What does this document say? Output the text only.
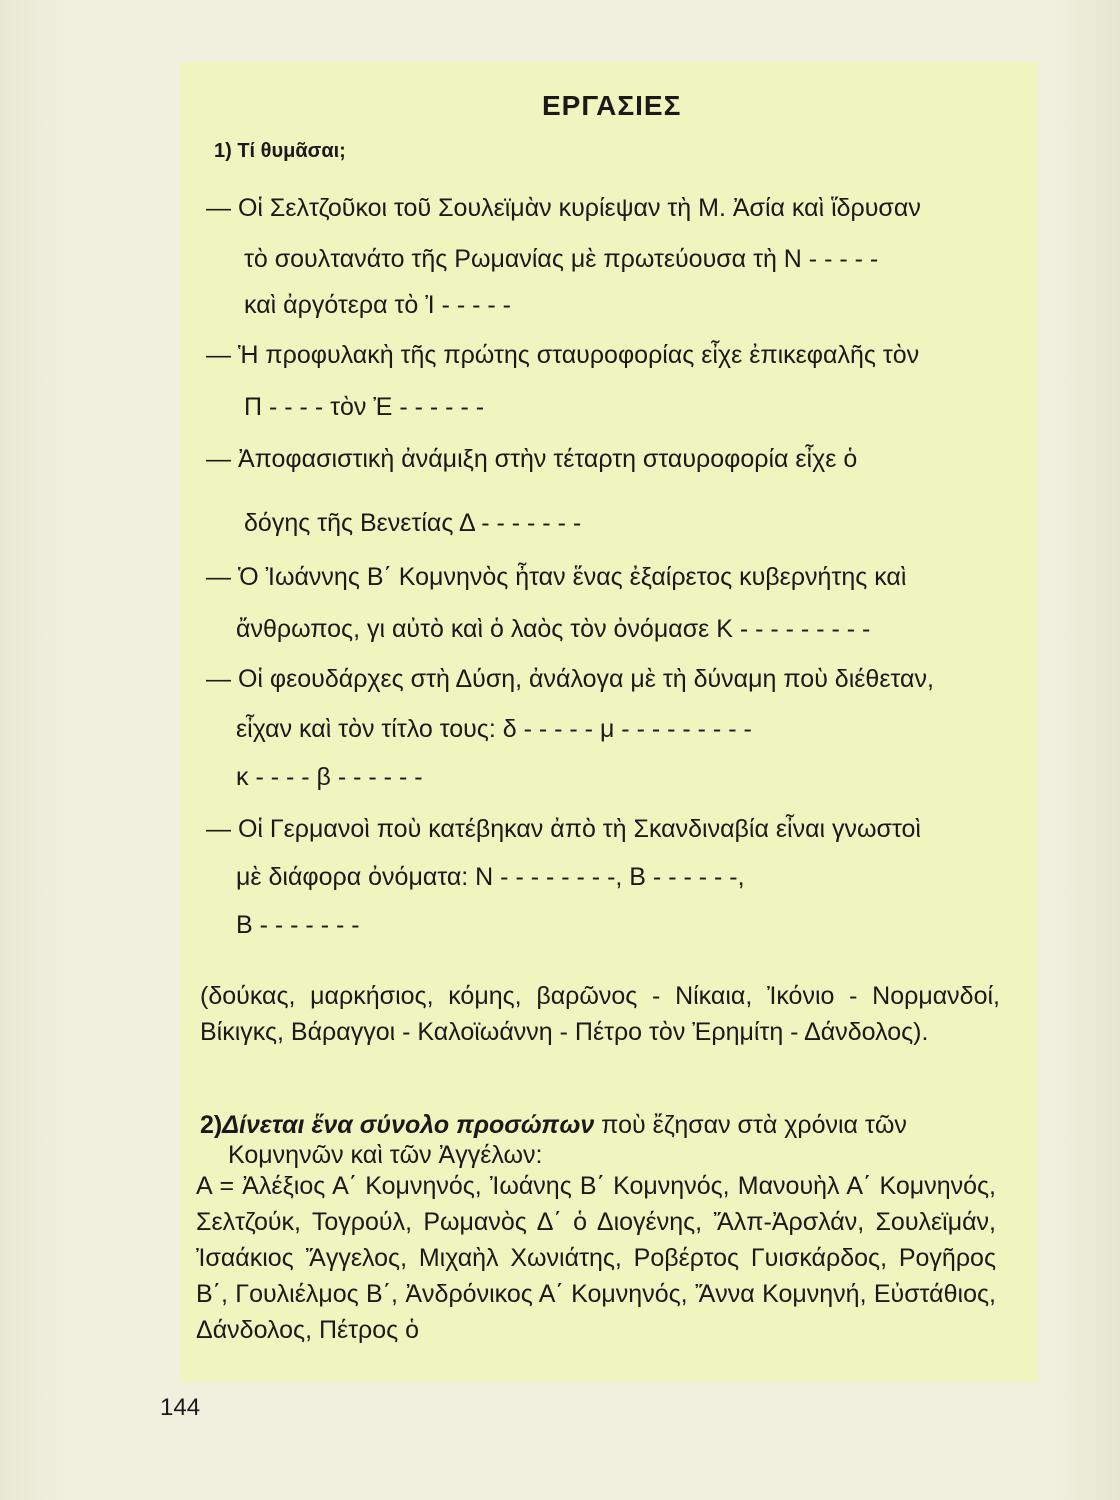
ΕΡΓΑΣΙΕΣ
1) Τί θυμᾶσαι;
— Οἱ Σελτζοῦκοι τοῦ Σουλεϊμὰν κυρίεψαν τὴ Μ. Ἀσία καὶ ἵδρυσαν
τὸ σουλτανάτο τῆς Ρωμανίας μὲ πρωτεύουσα τὴ Ν - - - - -
καὶ ἀργότερα τὸ Ἰ - - - - -
— Ἡ προφυλακὴ τῆς πρώτης σταυροφορίας εἶχε ἐπικεφαλῆς τὸν
Π - - - - τὸν Ἐ - - - - - -
— Ἀποφασιστικὴ ἀνάμιξη στὴν τέταρτη σταυροφορία εἶχε ὁ
δόγης τῆς Βενετίας Δ - - - - - - -
— Ὁ Ἰωάννης Β΄ Κομνηνὸς ἦταν ἕνας ἐξαίρετος κυβερνήτης καὶ
ἄνθρωπος, γι αὐτὸ καὶ ὁ λαὸς τὸν ὀνόμασε Κ - - - - - - - - -
— Οἱ φεουδάρχες στὴ Δύση, ἀνάλογα μὲ τὴ δύναμη ποὺ διέθεταν,
εἶχαν καὶ τὸν τίτλο τους: δ - - - - - μ - - - - - - - - -
κ - - - - β - - - - - -
— Οἱ Γερμανοὶ ποὺ κατέβηκαν ἀπὸ τὴ Σκανδιναβία εἶναι γνωστοὶ
μὲ διάφορα ὀνόματα: Ν - - - - - - - -, Β - - - - - -,
Β - - - - - - -
(δούκας, μαρκήσιος, κόμης, βαρῶνος - Νίκαια, Ἰκόνιο - Νορμανδοί, Βίκιγκς, Βάραγγοι - Καλοϊωάννη - Πέτρο τὸν Ἐρημίτη - Δάνδολος).
2)Δίνεται ἕνα σύνολο προσώπων ποὺ ἔζησαν στὰ χρόνια τῶν
Κομνηνῶν καὶ τῶν Ἀγγέλων:
A = Ἀλέξιος Α΄ Κομνηνός, Ἰωάνης Β΄ Κομνηνός, Μανουὴλ Α΄ Κομνηνός, Σελτζούκ, Τογρούλ, Ρωμανὸς Δ΄ ὁ Διογένης, Ἄλπ-Ἀρσλάν, Σουλεϊμάν, Ἰσαάκιος Ἄγγελος, Μιχαὴλ Χωνιάτης, Ροβέρτος Γυισκάρδος, Ρογῆρος Β΄, Γουλιέλμος Β΄, Ἀνδρόνικος Α΄ Κομνηνός, Ἄννα Κομνηνή, Εὐστάθιος, Δάνδολος, Πέτρος ὁ
144
